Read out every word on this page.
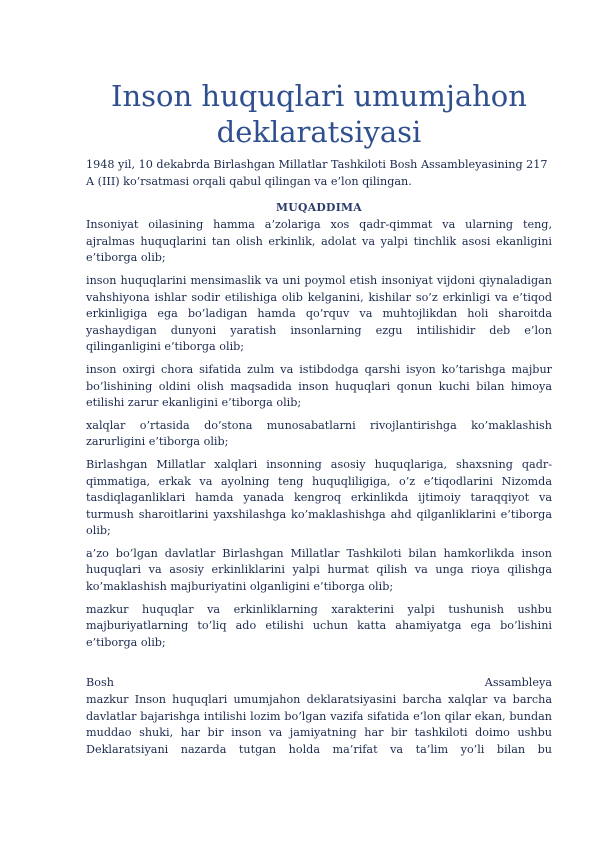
Inson huquqlari umumjahon deklaratsiyasi

1948 yil, 10 dekabrda Birlashgan Millatlar Tashkiloti Bosh Assambleyasining 217 A (III) ko’rsatmasi orqali qabul qilingan va e’lon qilingan.

MUQADDIMA

Insoniyat oilasining hamma a’zolariga xos qadr-qimmat va ularning teng, ajralmas huquqlarini tan olish erkinlik, adolat va yalpi tinchlik asosi ekanligini e’tiborga olib;

inson huquqlarini mensimaslik va uni poymol etish insoniyat vijdoni qiynaladigan vahshiyona ishlar sodir etilishiga olib kelganini, kishilar so’z erkinligi va e’tiqod erkinligiga ega bo’ladigan hamda qo’rquv va muhtojlikdan holi sharoitda yashaydigan dunyoni yaratish insonlarning ezgu intilishidir deb e’lon qilinganligini e’tiborga olib;

inson oxirgi chora sifatida zulm va istibdodga qarshi isyon ko’tarishga majbur bo’lishining oldini olish maqsadida inson huquqlari qonun kuchi bilan himoya etilishi zarur ekanligini e’tiborga olib;

xalqlar o’rtasida do’stona munosabatlarni rivojlantirishga ko’maklashish zarurligini e’tiborga olib;

Birlashgan Millatlar xalqlari insonning asosiy huquqlariga, shaxsning qadr-qimmatiga, erkak va ayolning teng huquqliligiga, o’z e’tiqodlarini Nizomda tasdiqlaganliklari hamda yanada kengroq erkinlikda ijtimoiy taraqqiyot va turmush sharoitlarini yaxshilashga ko’maklashishga ahd qilganliklarini e’tiborga olib;

a’zo bo’lgan davlatlar Birlashgan Millatlar Tashkiloti bilan hamkorlikda inson huquqlari va asosiy erkinliklarini yalpi hurmat qilish va unga rioya qilishga ko’maklashish majburiyatini olganligini e’tiborga olib;

mazkur huquqlar va erkinliklarning xarakterini yalpi tushunish ushbu majburiyatlarning to’liq ado etilishi uchun katta ahamiyatga ega bo’lishini e’tiborga olib;

Bosh	Assambleya

mazkur Inson huquqlari umumjahon deklaratsiyasini barcha xalqlar va barcha davlatlar bajarishga intilishi lozim bo’lgan vazifa sifatida e’lon qilar ekan, bundan muddao shuki, har bir inson va jamiyatning har bir tashkiloti doimo ushbu Deklaratsiyani nazarda tutgan holda ma’rifat va ta’lim yo’li bilan bu
